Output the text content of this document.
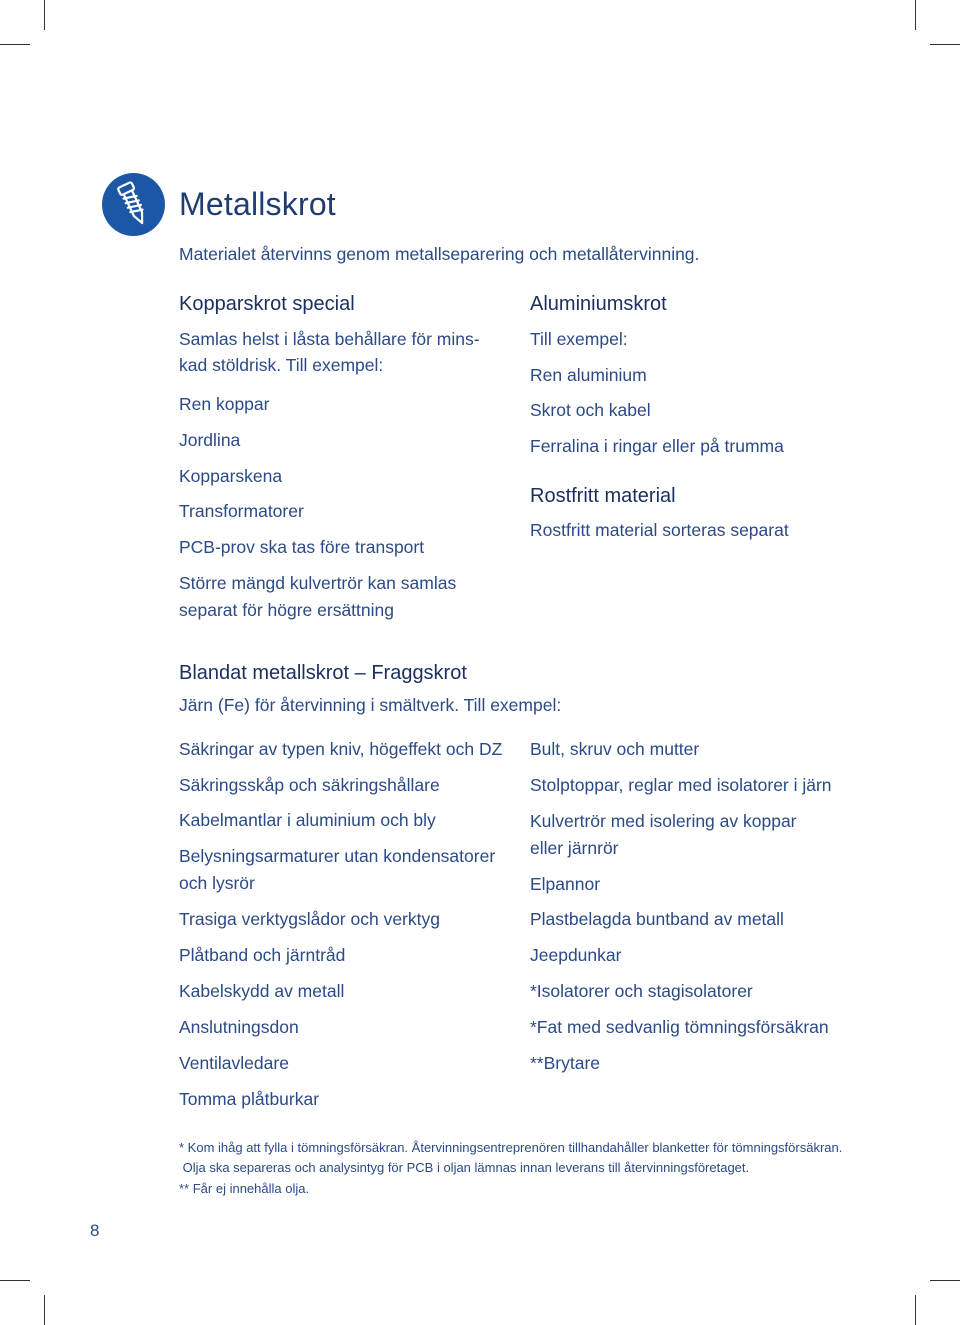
Metallskrot
Materialet återvinns genom metallseparering och metallåtervinning.
Kopparskrot special
Samlas helst i låsta behållare för mins-
kad stöldrisk. Till exempel:
Ren koppar
Jordlina
Kopparskena
Transformatorer
PCB-prov ska tas före transport
Större mängd kulvertrör kan samlas
separat för högre ersättning
Aluminiumskrot
Till exempel:
Ren aluminium
Skrot och kabel
Ferralina i ringar eller på trumma
Rostfritt material
Rostfritt material sorteras separat
Blandat metallskrot – Fraggskrot
Järn (Fe) för återvinning i smältverk. Till exempel:
Säkringar av typen kniv, högeffekt och DZ
Säkringsskåp och säkringshållare
Kabelmantlar i aluminium och bly
Belysningsarmaturer utan kondensatorer
och lysrör
Trasiga verktygslådor och verktyg
Plåtband och järntråd
Kabelskydd av metall
Anslutningsdon
Ventilavledare
Tomma plåtburkar
Bult, skruv och mutter
Stolptoppar, reglar med isolatorer i järn
Kulvertrör med isolering av koppar
eller järnrör
Elpannor
Plastbelagda buntband av metall
Jeepdunkar
*Isolatorer och stagisolatorer
*Fat med sedvanlig tömningsförsäkran
**Brytare
* Kom ihåg att fylla i tömningsförsäkran. Återvinningsentreprenören tillhandahåller blanketter för tömningsförsäkran.
Olja ska separeras och analysintyg för PCB i oljan lämnas innan leverans till återvinningsföretaget.
** Får ej innehålla olja.
8
